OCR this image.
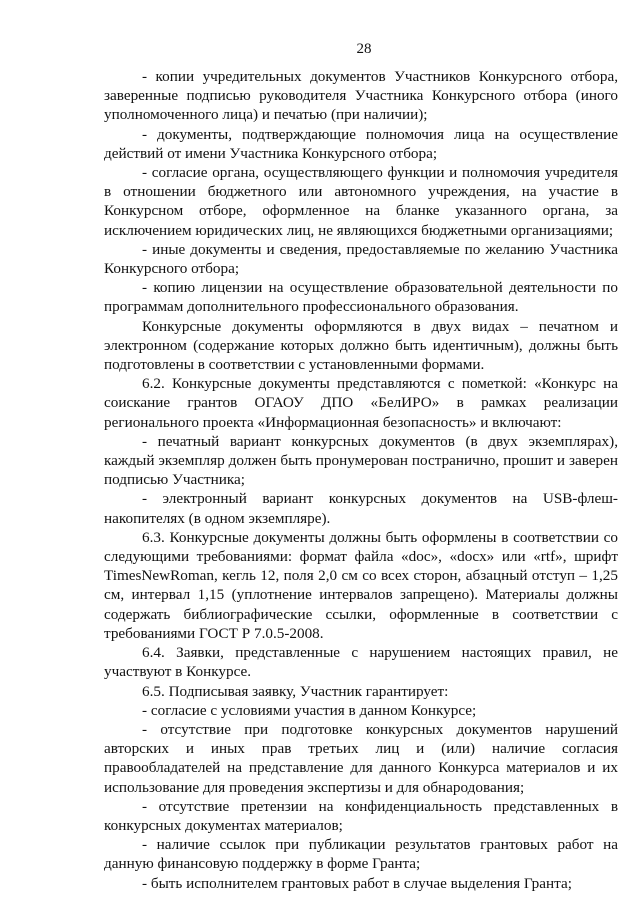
28

- копии учредительных документов Участников Конкурсного отбора, заверенные подписью руководителя Участника Конкурсного отбора (иного уполномоченного лица) и печатью (при наличии);

- документы, подтверждающие полномочия лица на осуществление действий от имени Участника Конкурсного отбора;

- согласие органа, осуществляющего функции и полномочия учредителя в отношении бюджетного или автономного учреждения, на участие в Конкурсном отборе, оформленное на бланке указанного органа, за исключением юридических лиц, не являющихся бюджетными организациями;

- иные документы и сведения, предоставляемые по желанию Участника Конкурсного отбора;

- копию лицензии на осуществление образовательной деятельности по программам дополнительного профессионального образования.

Конкурсные документы оформляются в двух видах – печатном и электронном (содержание которых должно быть идентичным), должны быть подготовлены в соответствии с установленными формами.

6.2. Конкурсные документы представляются с пометкой: «Конкурс на соискание грантов ОГАОУ ДПО «БелИРО» в рамках реализации регионального проекта «Информационная безопасность» и включают:

- печатный вариант конкурсных документов (в двух экземплярах), каждый экземпляр должен быть пронумерован постранично, прошит и заверен подписью Участника;

- электронный вариант конкурсных документов на USB-флеш-накопителях (в одном экземпляре).

6.3. Конкурсные документы должны быть оформлены в соответствии со следующими требованиями: формат файла «doc», «docx» или «rtf», шрифт TimesNewRoman, кегль 12, поля 2,0 см со всех сторон, абзацный отступ – 1,25 см, интервал 1,15 (уплотнение интервалов запрещено). Материалы должны содержать библиографические ссылки, оформленные в соответствии с требованиями ГОСТ Р 7.0.5-2008.

6.4. Заявки, представленные с нарушением настоящих правил, не участвуют в Конкурсе.

6.5. Подписывая заявку, Участник гарантирует:

- согласие с условиями участия в данном Конкурсе;

- отсутствие при подготовке конкурсных документов нарушений авторских и иных прав третьих лиц и (или) наличие согласия правообладателей на представление для данного Конкурса материалов и их использование для проведения экспертизы и для обнародования;

- отсутствие претензии на конфиденциальность представленных в конкурсных документах материалов;

- наличие ссылок при публикации результатов грантовых работ на данную финансовую поддержку в форме Гранта;

- быть исполнителем грантовых работ в случае выделения Гранта;
